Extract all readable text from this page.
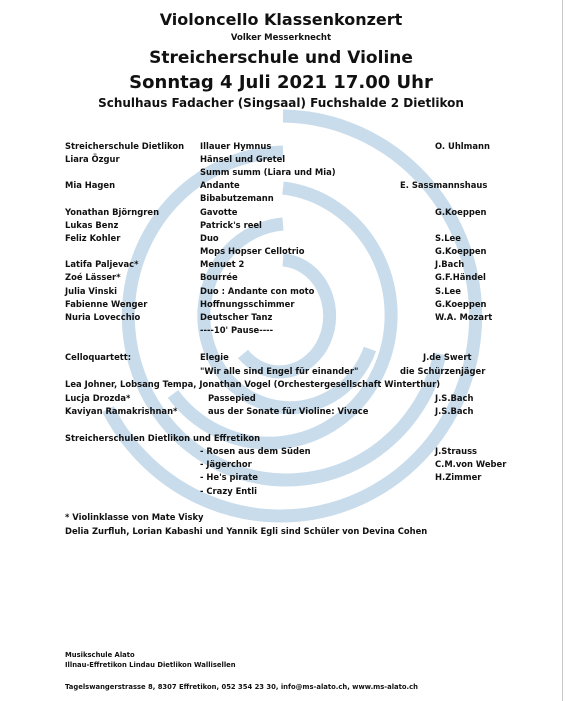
Violoncello Klassenkonzert
Volker Messerknecht
Streicherschule und Violine
Sonntag 4 Juli 2021 17.00 Uhr
Schulhaus Fadacher (Singsaal) Fuchshalde 2 Dietlikon
Streicherschule Dietlikon Illauer Hymnus	O. Uhlmann
Liara Özgur	Hänsel und Gretel
Summ summ (Liara und Mia)
Mia Hagen	Andante	E. Sassmannshaus
Bibabutzemann
Yonathan Björngren	Gavotte	G.Koeppen
Lukas Benz	Patrick's reel
Feliz Kohler	Duo	S.Lee
Mops Hopser Cellotrio	G.Koeppen
Latifa Paljevac*	Menuet 2	J.Bach
Zoé Lässer*	Bourrée	G.F.Händel
Julia Vinski	Duo : Andante con moto	S.Lee
Fabienne Wenger	Hoffnungsschimmer	G.Koeppen
Nuria Lovecchio	Deutscher Tanz	W.A. Mozart
----10' Pause----
Celloquartett:	Elegie	J.de Swert
"Wir alle sind Engel für einander"	die Schürzenjäger
Lea Johner, Lobsang Tempa, Jonathan Vogel (Orchestergesellschaft Winterthur)
Lucja Drozda*	Passepied	J.S.Bach
Kaviyan Ramakrishnan*	aus der Sonate für Violine: Vivace	J.S.Bach
Streicherschulen Dietlikon und Effretikon
- Rosen aus dem Süden	J.Strauss
- Jägerchor	C.M.von Weber
- He's pirate	H.Zimmer
- Crazy Entli
* Violinklasse von Mate Visky
Delia Zurfluh, Lorian Kabashi und Yannik Egli sind Schüler von Devina Cohen
Musikschule Alato
Illnau-Effretikon Lindau Dietlikon Wallisellen
Tagelswangerstrasse 8, 8307 Effretikon, 052 354 23 30, info@ms-alato.ch, www.ms-alato.ch
